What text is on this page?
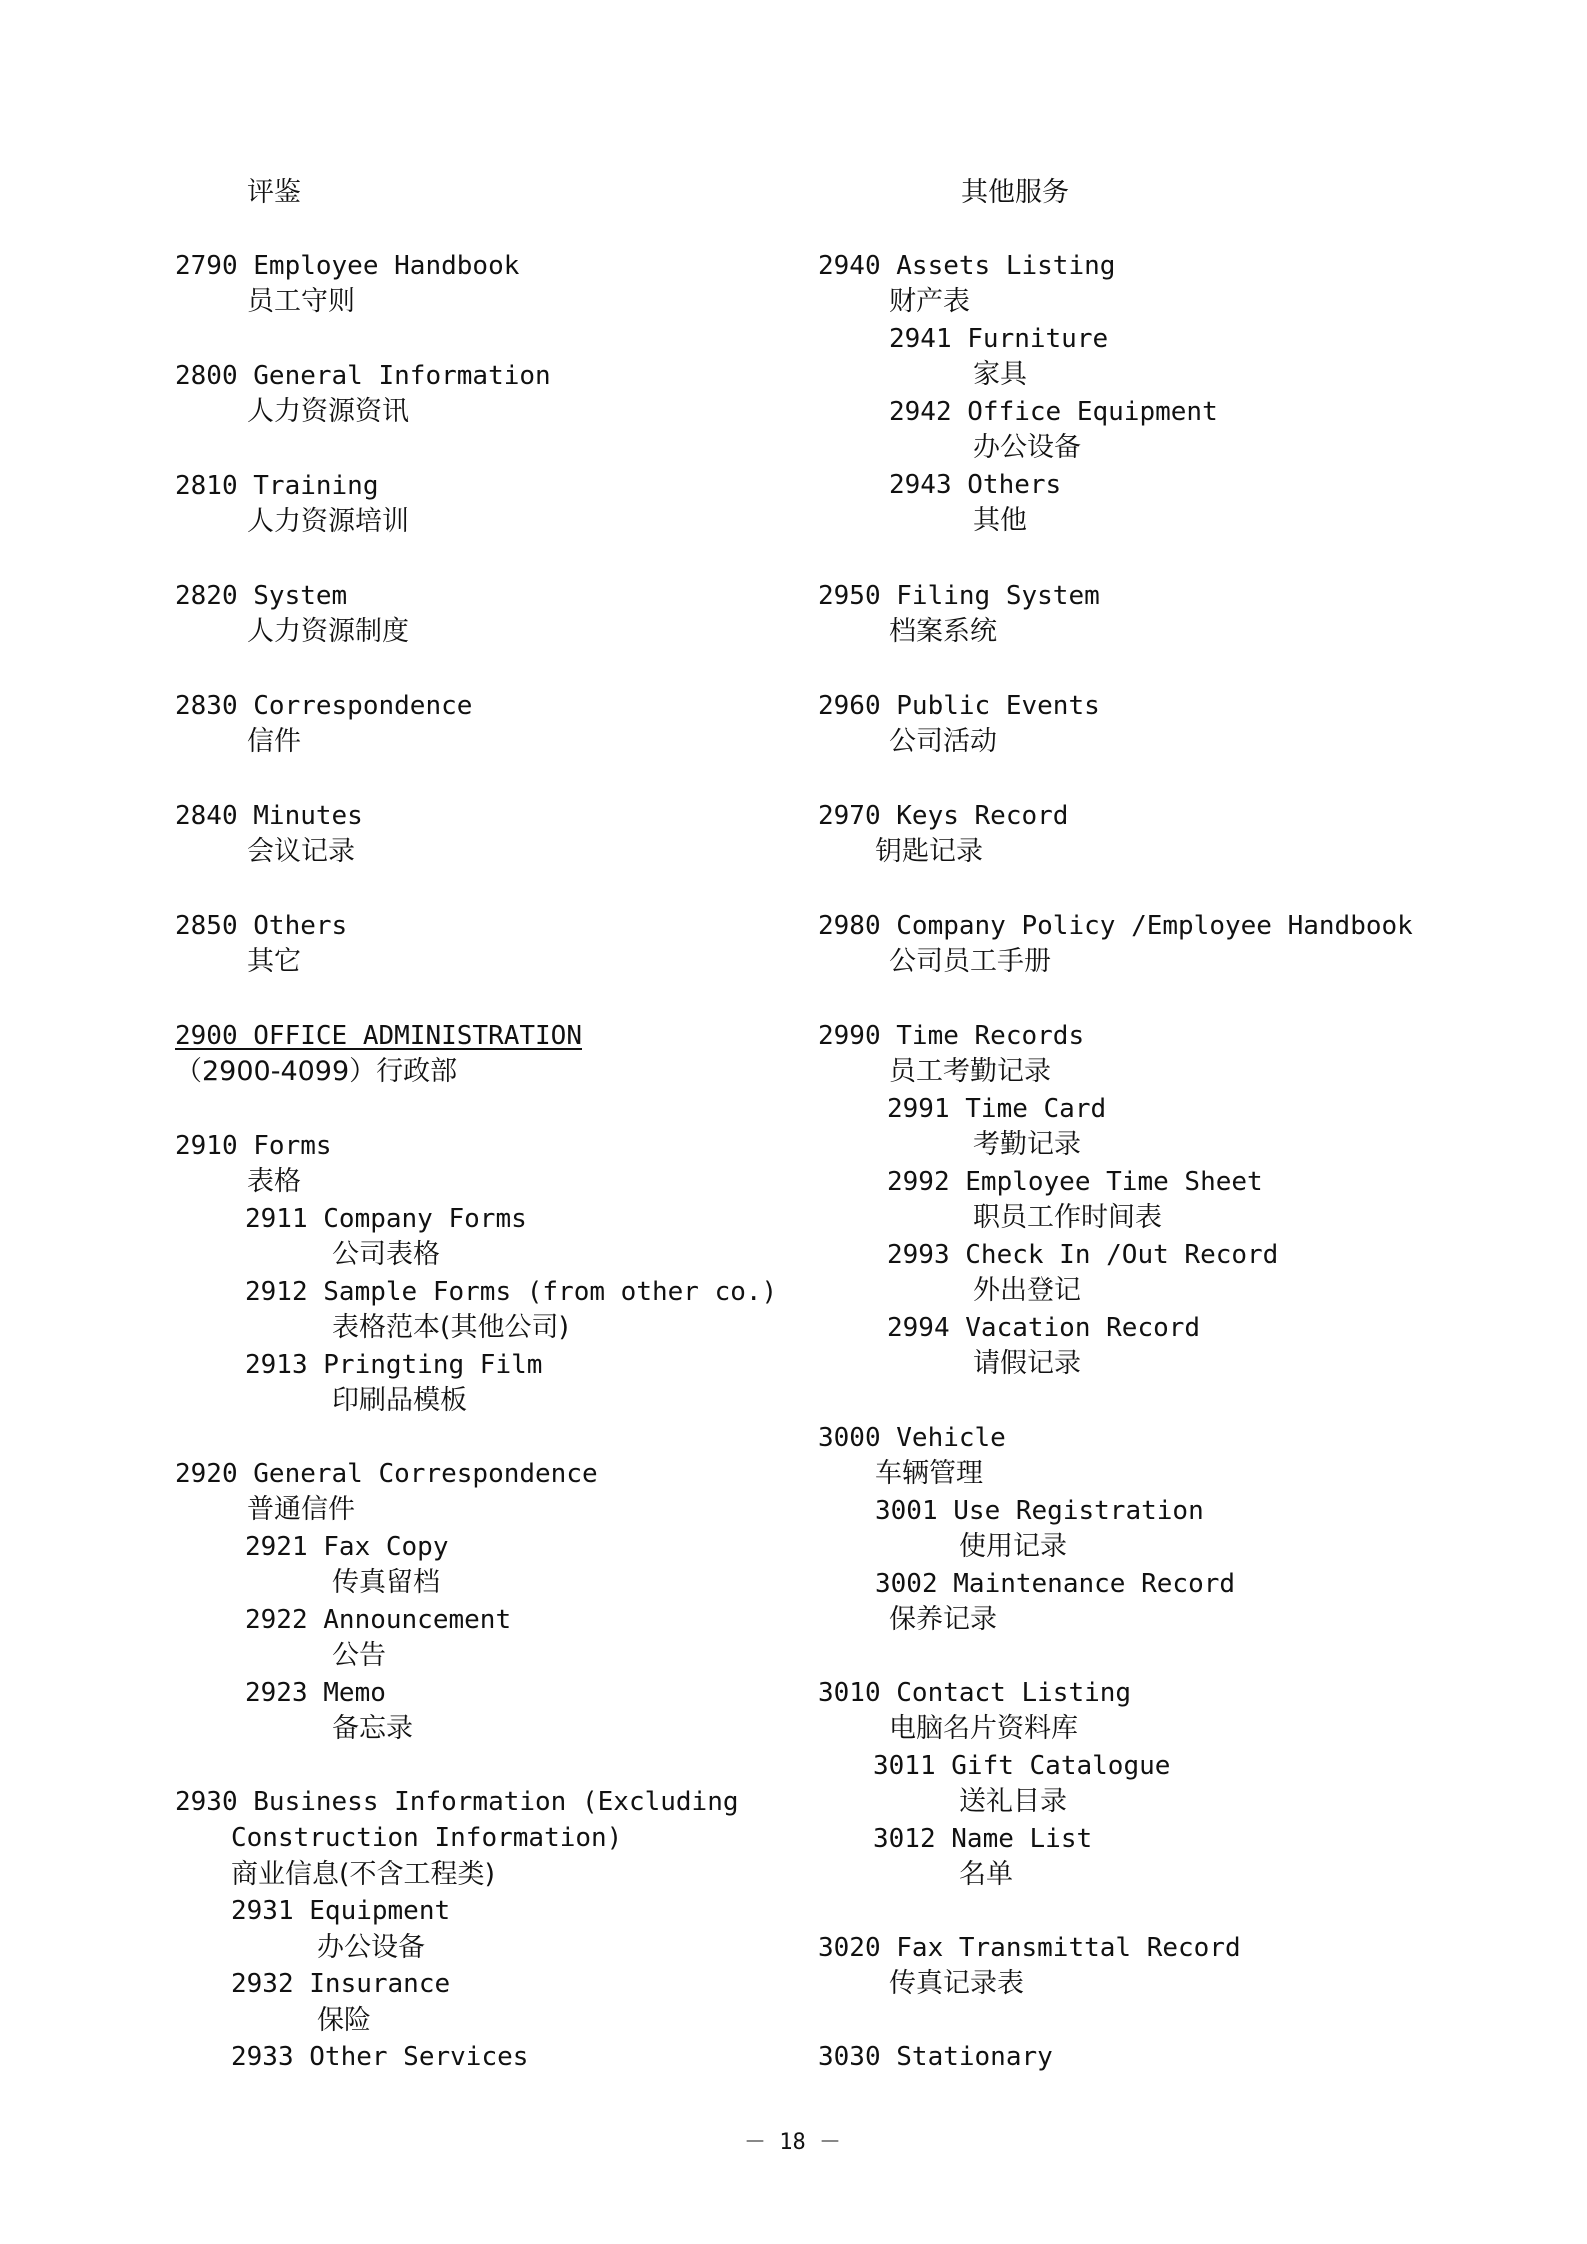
评鉴
2790 Employee Handbook
员工守则
2800 General Information
人力资源资讯
2810 Training
人力资源培训
2820 System
人力资源制度
2830 Correspondence
信件
2840 Minutes
会议记录
2850 Others
其它
2900 OFFICE ADMINISTRATION
（2900-4099）行政部
2910 Forms
表格
2911 Company Forms
公司表格
2912 Sample Forms (from other co.)
表格范本(其他公司)
2913 Pringting Film
印刷品模板
2920 General Correspondence
普通信件
2921 Fax Copy
传真留档
2922 Announcement
公告
2923 Memo
备忘录
2930 Business Information (Excluding
Construction Information)
商业信息(不含工程类)
2931 Equipment
办公设备
2932 Insurance
保险
2933 Other Services
其他服务
2940 Assets Listing
财产表
2941 Furniture
家具
2942 Office Equipment
办公设备
2943 Others
其他
2950 Filing System
档案系统
2960 Public Events
公司活动
2970 Keys Record
钥匙记录
2980 Company Policy /Employee Handbook
公司员工手册
2990 Time Records
员工考勤记录
2991 Time Card
考勤记录
2992 Employee Time Sheet
职员工作时间表
2993 Check In /Out Record
外出登记
2994 Vacation Record
请假记录
3000 Vehicle
车辆管理
3001 Use Registration
使用记录
3002 Maintenance Record
保养记录
3010 Contact Listing
电脑名片资料库
3011 Gift Catalogue
送礼目录
3012 Name List
名单
3020 Fax Transmittal Record
传真记录表
3030 Stationary
－ 18 －
